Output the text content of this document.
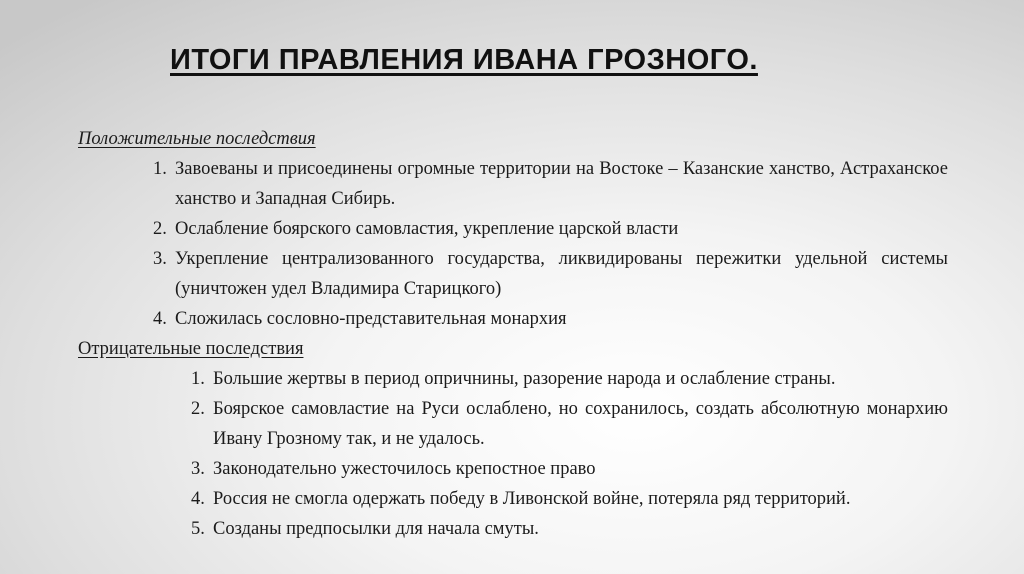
ИТОГИ ПРАВЛЕНИЯ ИВАНА ГРОЗНОГО.

Положительные последствия

1. Завоеваны и присоединены огромные территории на Востоке – Казанские ханство, Астраханское ханство и Западная Сибирь.
2. Ослабление боярского самовластия, укрепление царской власти
3. Укрепление централизованного государства, ликвидированы пережитки удельной системы (уничтожен удел Владимира Старицкого)
4. Сложилась сословно-представительная монархия

Отрицательные последствия

1. Большие жертвы в период опричнины, разорение народа и ослабление страны.
2. Боярское самовластие на Руси ослаблено, но сохранилось, создать абсолютную монархию Ивану Грозному так, и не удалось.
3. Законодательно ужесточилось крепостное право
4. Россия не смогла одержать победу в Ливонской войне, потеряла ряд территорий.
5. Созданы предпосылки для начала смуты.
